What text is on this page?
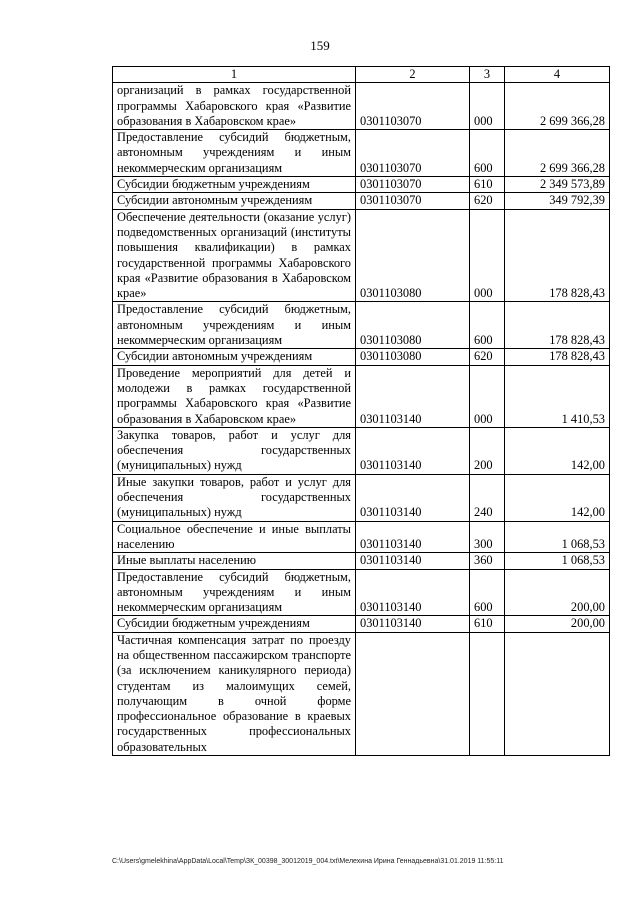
159
1	2	3	4
организаций в рамках государственной программы Хабаровского края «Развитие образования в Хабаровском крае»	0301103070	000	2 699 366,28
Предоставление субсидий бюджетным, автономным учреждениям и иным некоммерческим организациям	0301103070	600	2 699 366,28
Субсидии бюджетным учреждениям	0301103070	610	2 349 573,89
Субсидии автономным учреждениям	0301103070	620	349 792,39
Обеспечение деятельности (оказание услуг) подведомственных организаций (институты повышения квалификации) в рамках государственной программы Хабаровского края «Развитие образования в Хабаровском крае»	0301103080	000	178 828,43
Предоставление субсидий бюджетным, автономным учреждениям и иным некоммерческим организациям	0301103080	600	178 828,43
Субсидии автономным учреждениям	0301103080	620	178 828,43
Проведение мероприятий для детей и молодежи в рамках государственной программы Хабаровского края «Развитие образования в Хабаровском крае»	0301103140	000	1 410,53
Закупка товаров, работ и услуг для обеспечения государственных (муниципальных) нужд	0301103140	200	142,00
Иные закупки товаров, работ и услуг для обеспечения государственных (муниципальных) нужд	0301103140	240	142,00
Социальное обеспечение и иные выплаты населению	0301103140	300	1 068,53
Иные выплаты населению	0301103140	360	1 068,53
Предоставление субсидий бюджетным, автономным учреждениям и иным некоммерческим организациям	0301103140	600	200,00
Субсидии бюджетным учреждениям	0301103140	610	200,00
Частичная компенсация затрат по проезду на общественном пассажирском транспорте (за исключением каникулярного периода) студентам из малоимущих семей, получающим в очной форме профессиональное образование в краевых государственных профессиональных образовательных			
C:\Users\gmelekhina\AppData\Local\Temp\ЗК_00398_30012019_004.txt\Мелехина Ирина Геннадьевна\31.01.2019 11:55:11
